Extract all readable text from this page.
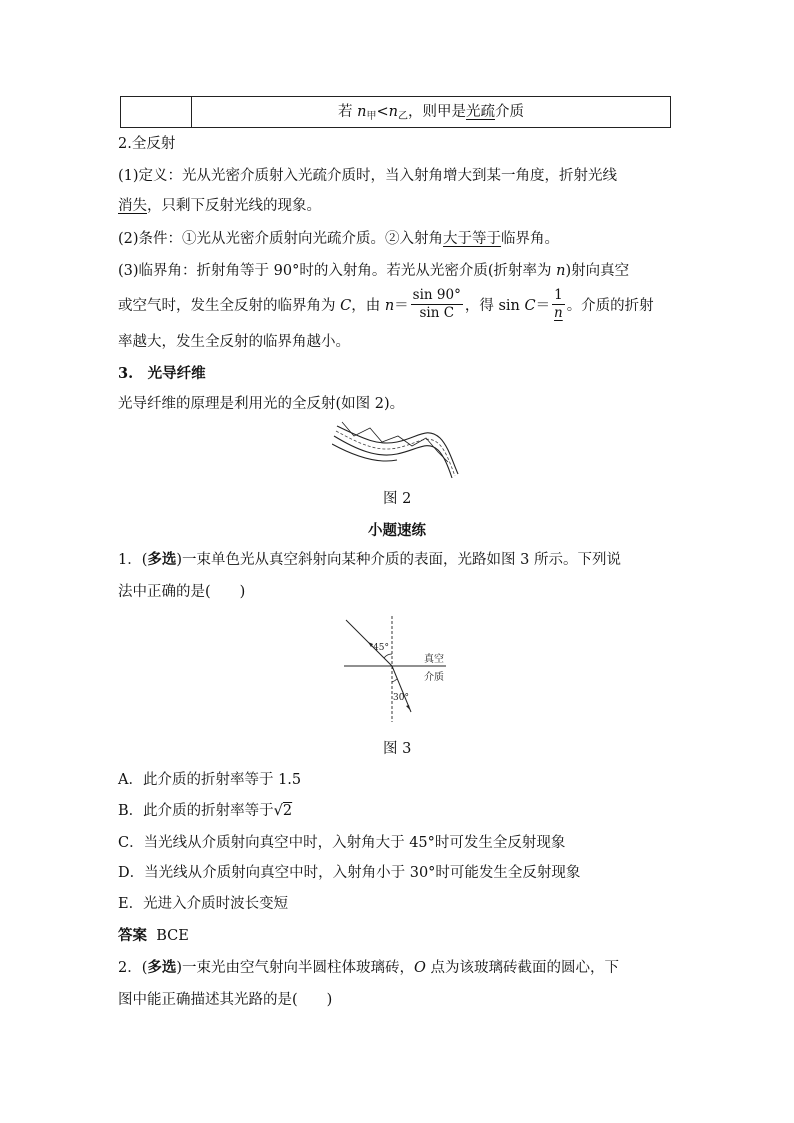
若 $n_甲<n_乙$，则甲是光疏介质
2.全反射
(1)定义：光从光密介质射入光疏介质时，当入射角增大到某一角度，折射光线
消失，只剩下反射光线的现象。
(2)条件：①光从光密介质射向光疏介质。②入射角大于等于临界角。
(3)临界角：折射角等于 90°时的入射角。若光从光密介质(折射率为 n)射向真空
或空气时，发生全反射的临界角为 C，由 $n= \frac{\sin 90^\circ}{\text{sin C}}$ ，得 $\sin C= \frac{1}{n}$ 。介质的折射
率越大，发生全反射的临界角越小。
3.　光导纤维
光导纤维的原理是利用光的全反射(如图 2)。
图 2
小题速练
1．(多选)一束单色光从真空斜射向某种介质的表面，光路如图 3 所示。下列说
法中正确的是(　　)
45°
30°
真空
介质
图 3
A．此介质的折射率等于 1.5
B．此介质的折射率等于√2
C．当光线从介质射向真空中时，入射角大于 45°时可发生全反射现象
D．当光线从介质射向真空中时，入射角小于 30°时可能发生全反射现象
E．光进入介质时波长变短
答案 BCE
2．(多选)一束光由空气射向半圆柱体玻璃砖，O 点为该玻璃砖截面的圆心，下
图中能正确描述其光路的是(　　)
